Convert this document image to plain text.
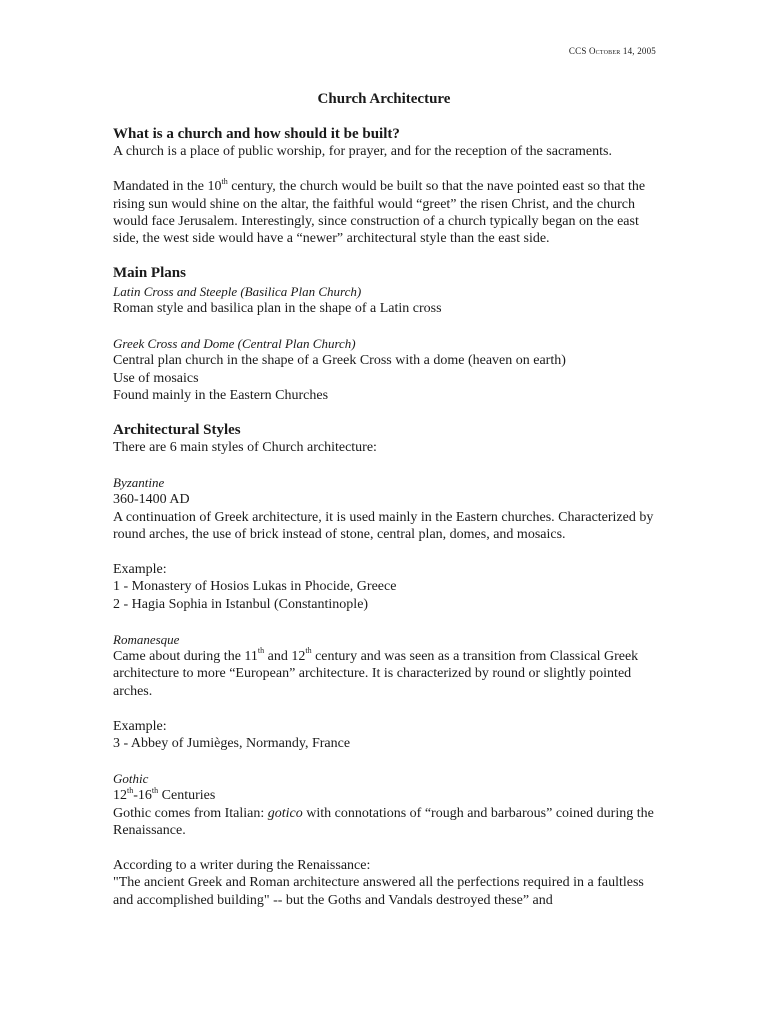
CCS October 14, 2005
Church Architecture

What is a church and how should it be built?

A church is a place of public worship, for prayer, and for the reception of the sacraments.

Mandated in the 10th century, the church would be built so that the nave pointed east so that the rising sun would shine on the altar, the faithful would “greet” the risen Christ, and the church would face Jerusalem. Interestingly, since construction of a church typically began on the east side, the west side would have a “newer” architectural style than the east side.

Main Plans

Latin Cross and Steeple (Basilica Plan Church)

Roman style and basilica plan in the shape of a Latin cross

Greek Cross and Dome (Central Plan Church)

Central plan church in the shape of a Greek Cross with a dome (heaven on earth)

Use of mosaics

Found mainly in the Eastern Churches

Architectural Styles

There are 6 main styles of Church architecture:

Byzantine

360-1400 AD

A continuation of Greek architecture, it is used mainly in the Eastern churches. Characterized by round arches, the use of brick instead of stone, central plan, domes, and mosaics.

Example:

1 - Monastery of Hosios Lukas in Phocide, Greece

2 - Hagia Sophia in Istanbul (Constantinople)

Romanesque

Came about during the 11th and 12th century and was seen as a transition from Classical Greek architecture to more “European” architecture. It is characterized by round or slightly pointed arches.

Example:

3 - Abbey of Jumièges, Normandy, France

Gothic

12th-16th Centuries

Gothic comes from Italian: gotico with connotations of “rough and barbarous” coined during the Renaissance.

According to a writer during the Renaissance:

"The ancient Greek and Roman architecture answered all the perfections required in a faultless and accomplished building" -- but the Goths and Vandals destroyed these” and
